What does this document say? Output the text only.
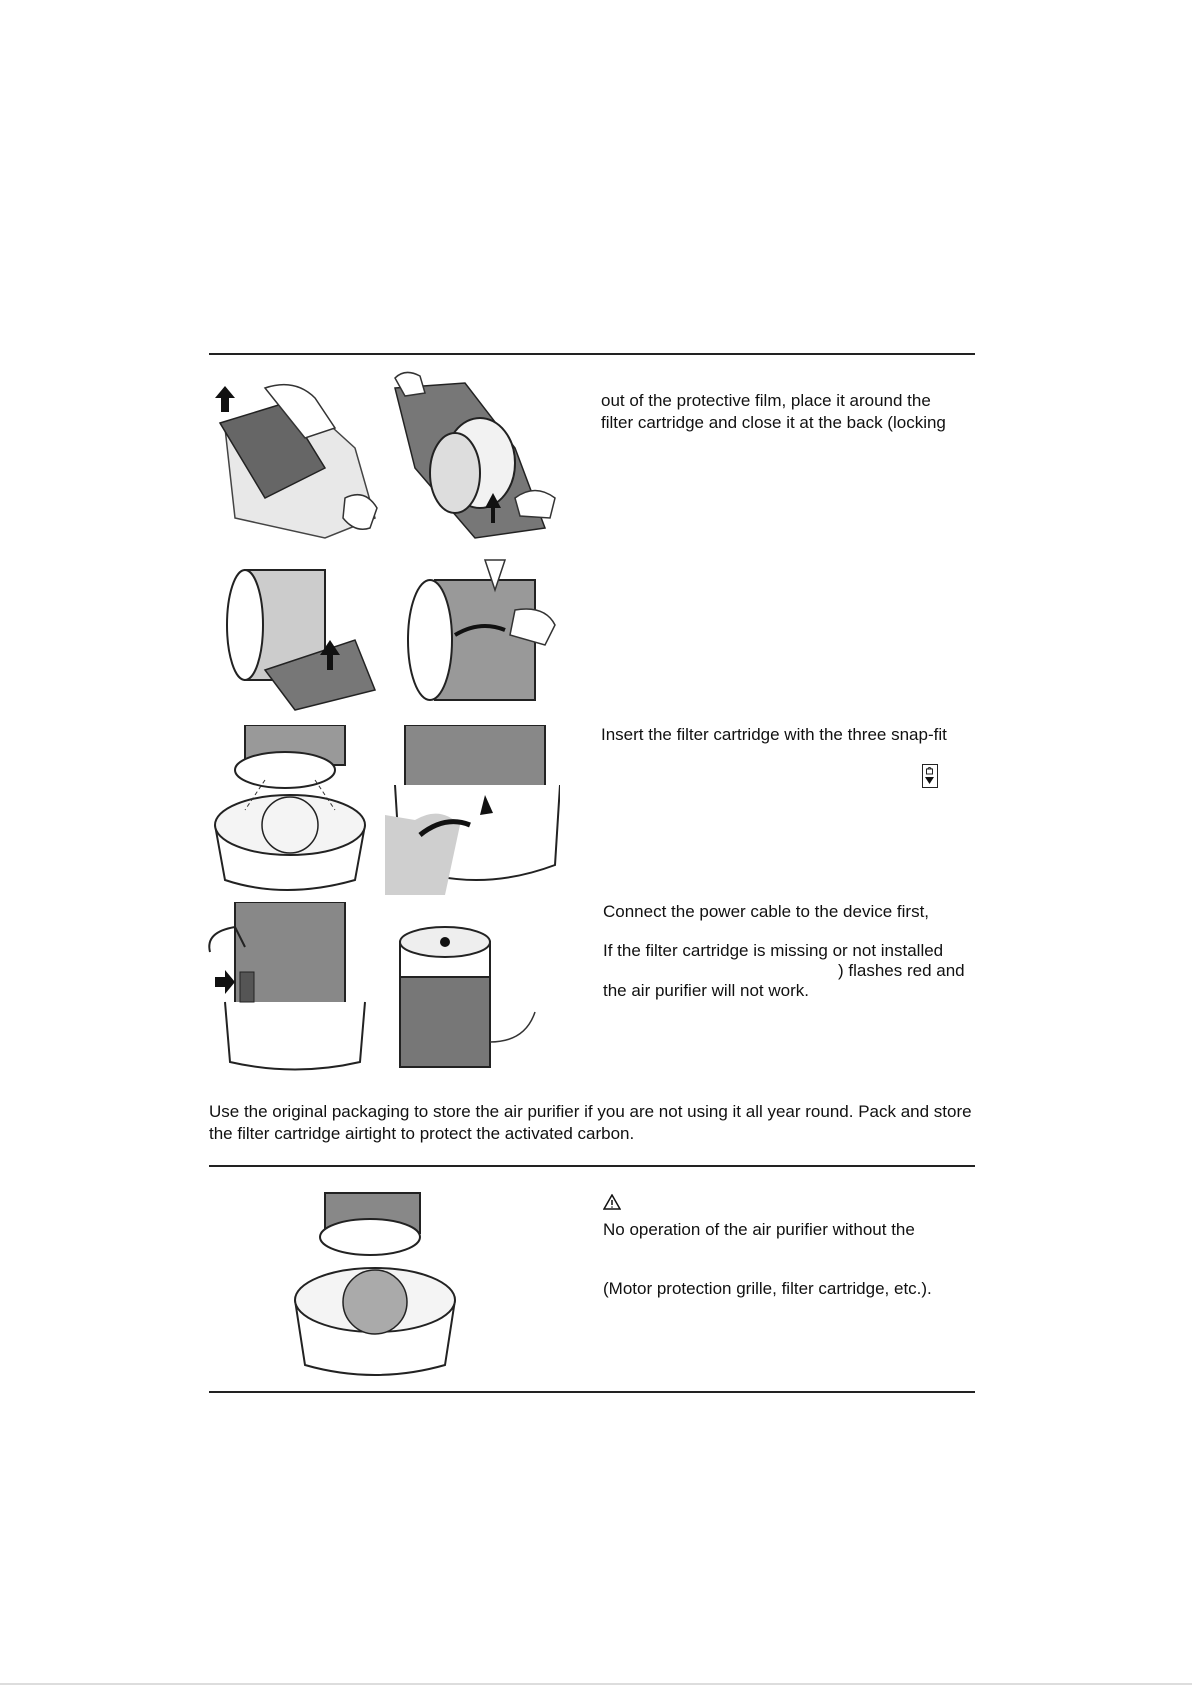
out of the protective film, place it around the
filter cartridge and close it at the back (locking
Insert the filter cartridge with the three snap-fit
Connect the power cable to the device first,
If the filter cartridge is missing or not installed
) flashes red and
the air purifier will not work.
Use the original packaging to store the air purifier if you are not using it all year round. Pack and store the filter cartridge airtight to protect the activated carbon.
No operation of the air purifier without the
(Motor protection grille, filter cartridge, etc.).
